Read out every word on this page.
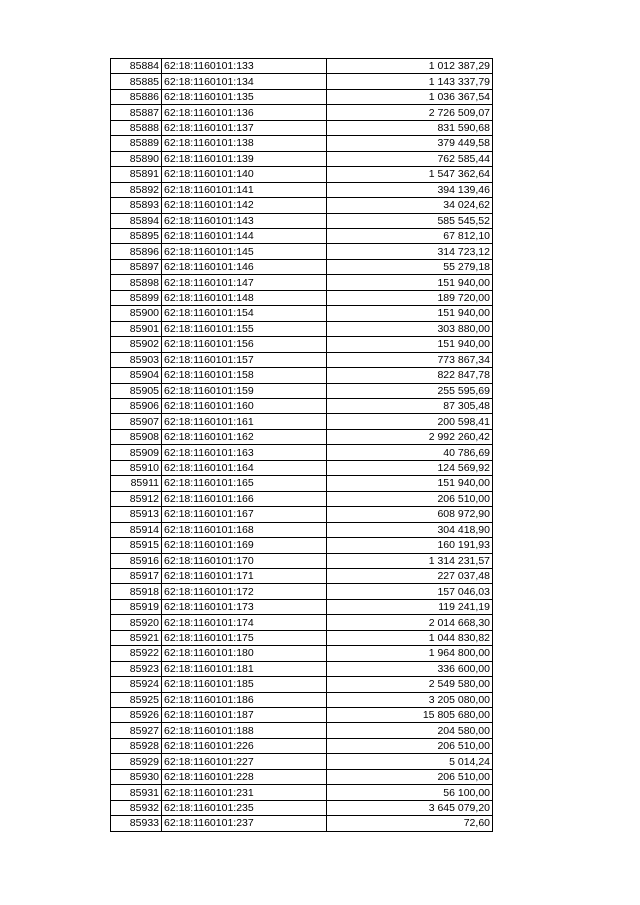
85884	62:18:1160101:133	1 012 387,29
85885	62:18:1160101:134	1 143 337,79
85886	62:18:1160101:135	1 036 367,54
85887	62:18:1160101:136	2 726 509,07
85888	62:18:1160101:137	831 590,68
85889	62:18:1160101:138	379 449,58
85890	62:18:1160101:139	762 585,44
85891	62:18:1160101:140	1 547 362,64
85892	62:18:1160101:141	394 139,46
85893	62:18:1160101:142	34 024,62
85894	62:18:1160101:143	585 545,52
85895	62:18:1160101:144	67 812,10
85896	62:18:1160101:145	314 723,12
85897	62:18:1160101:146	55 279,18
85898	62:18:1160101:147	151 940,00
85899	62:18:1160101:148	189 720,00
85900	62:18:1160101:154	151 940,00
85901	62:18:1160101:155	303 880,00
85902	62:18:1160101:156	151 940,00
85903	62:18:1160101:157	773 867,34
85904	62:18:1160101:158	822 847,78
85905	62:18:1160101:159	255 595,69
85906	62:18:1160101:160	87 305,48
85907	62:18:1160101:161	200 598,41
85908	62:18:1160101:162	2 992 260,42
85909	62:18:1160101:163	40 786,69
85910	62:18:1160101:164	124 569,92
85911	62:18:1160101:165	151 940,00
85912	62:18:1160101:166	206 510,00
85913	62:18:1160101:167	608 972,90
85914	62:18:1160101:168	304 418,90
85915	62:18:1160101:169	160 191,93
85916	62:18:1160101:170	1 314 231,57
85917	62:18:1160101:171	227 037,48
85918	62:18:1160101:172	157 046,03
85919	62:18:1160101:173	119 241,19
85920	62:18:1160101:174	2 014 668,30
85921	62:18:1160101:175	1 044 830,82
85922	62:18:1160101:180	1 964 800,00
85923	62:18:1160101:181	336 600,00
85924	62:18:1160101:185	2 549 580,00
85925	62:18:1160101:186	3 205 080,00
85926	62:18:1160101:187	15 805 680,00
85927	62:18:1160101:188	204 580,00
85928	62:18:1160101:226	206 510,00
85929	62:18:1160101:227	5 014,24
85930	62:18:1160101:228	206 510,00
85931	62:18:1160101:231	56 100,00
85932	62:18:1160101:235	3 645 079,20
85933	62:18:1160101:237	72,60
